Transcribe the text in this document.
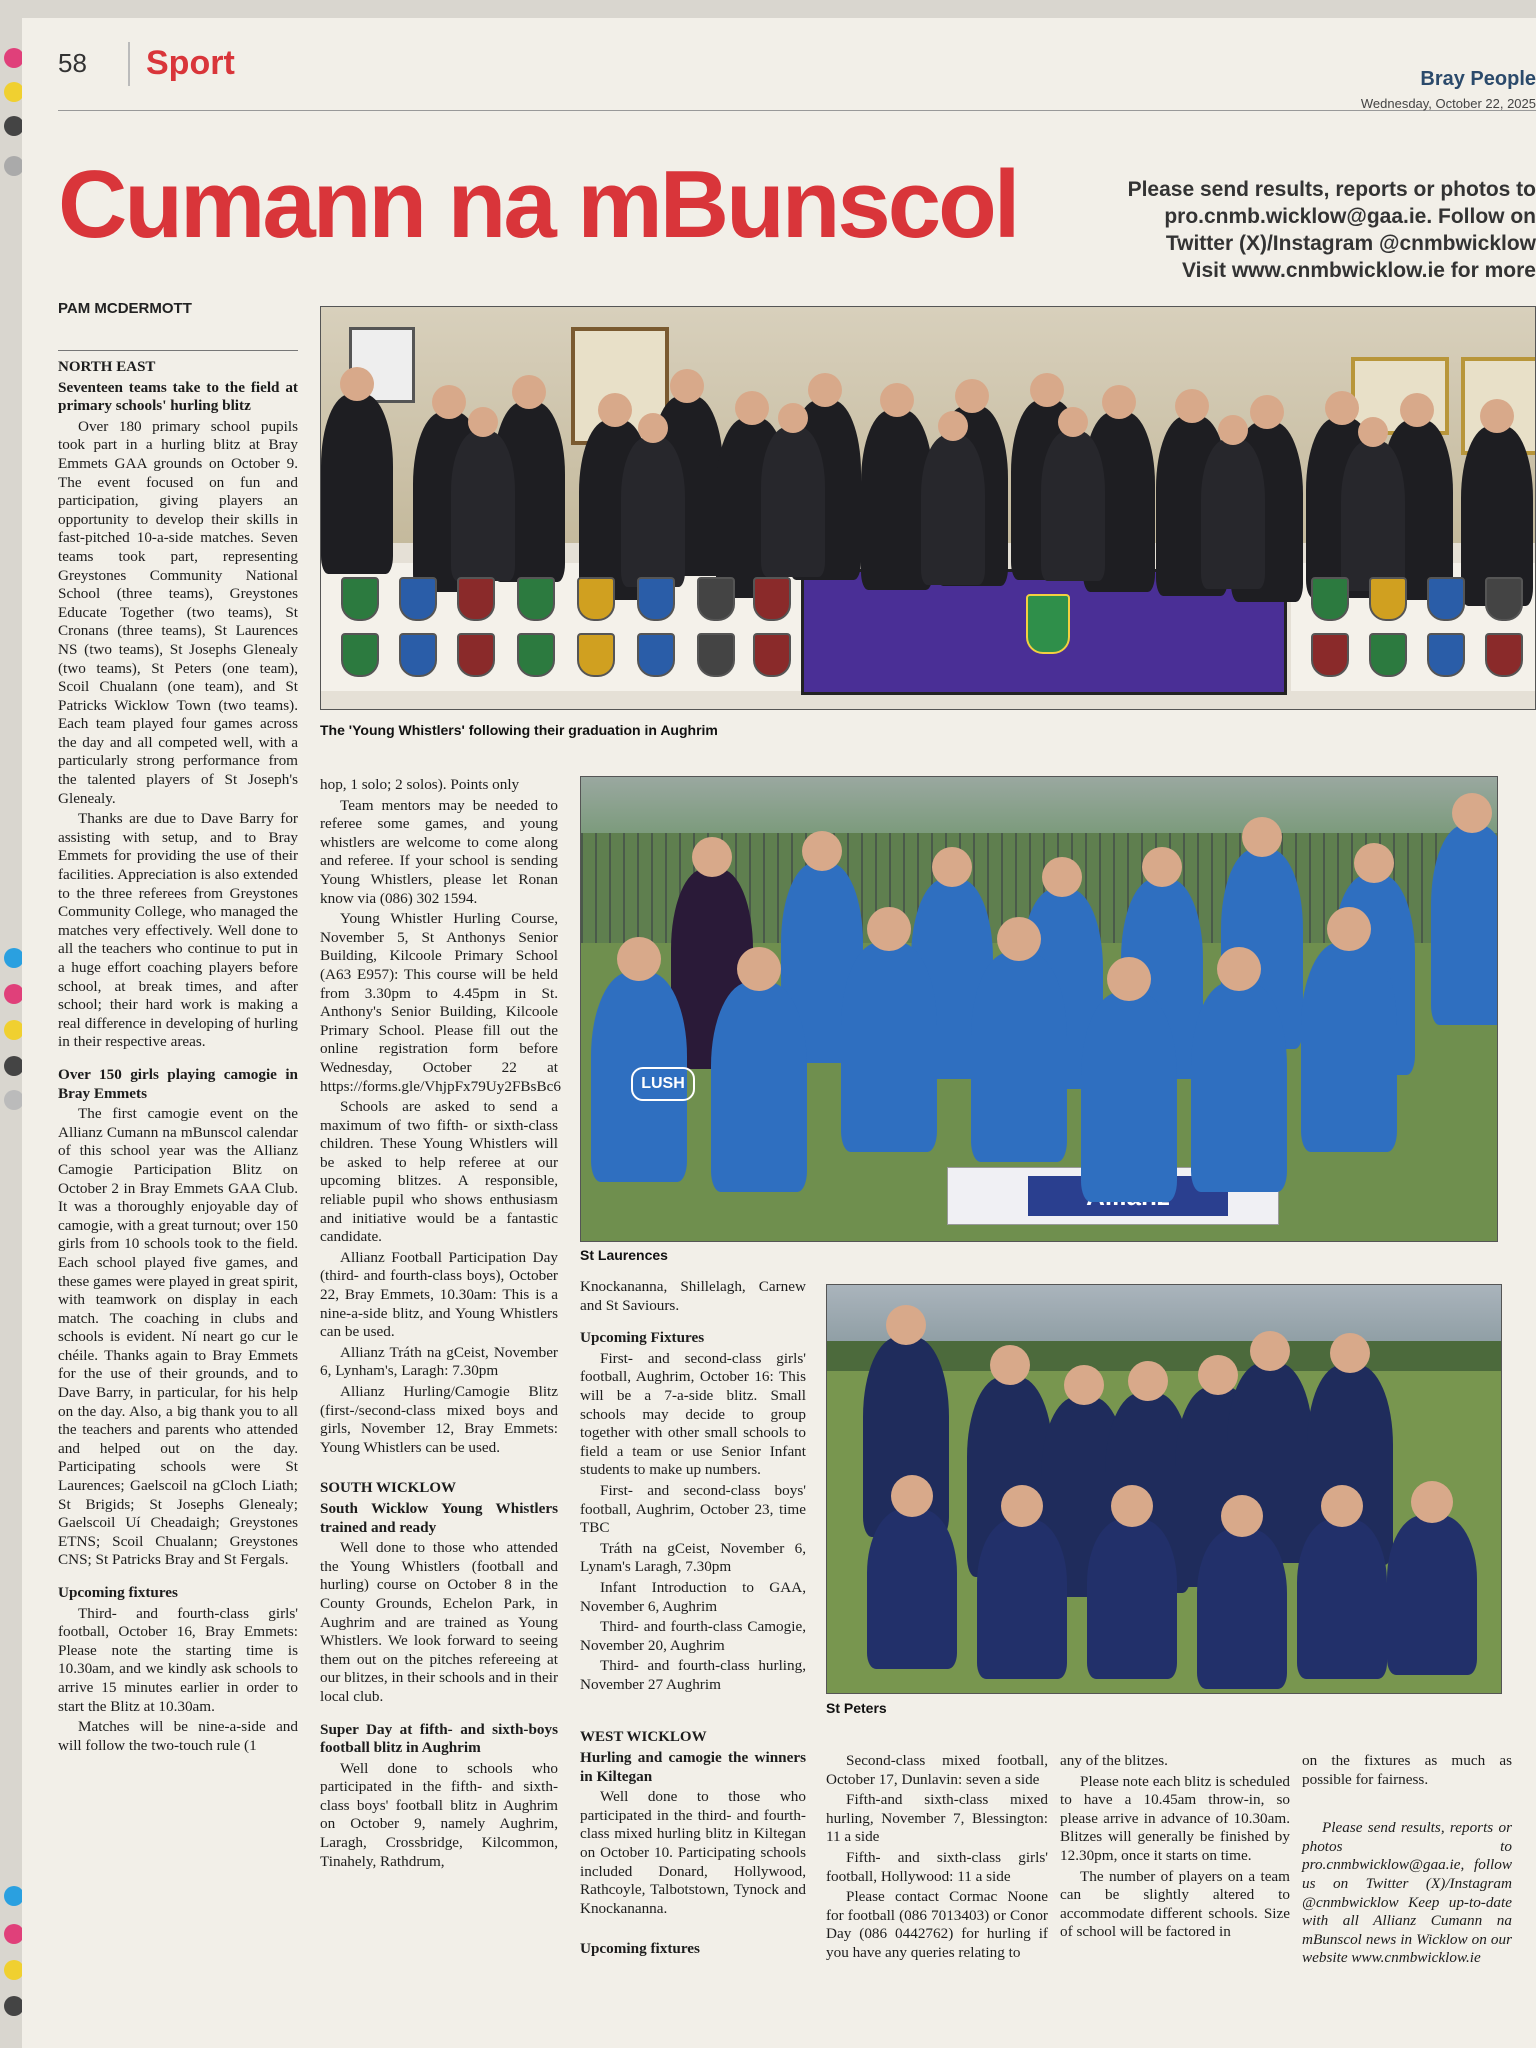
58 Sport	Bray People
Wednesday, October 22, 2025
Cumann na mBunscol	Please send results, reports or photos to
pro.cnmb.wicklow@gaa.ie. Follow on
Twitter (X)/Instagram @cnmbwicklow
Visit www.cnmbwicklow.ie for more
PAM MCDERMOTT

NORTH EAST

Seventeen teams take to the field at primary schools' hurling blitz

Over 180 primary school pupils took part in a hurling blitz at Bray Emmets GAA grounds on October 9. The event focused on fun and participation, giving players an opportunity to develop their skills in fast-pitched 10-a-side matches. Seven teams took part, representing Greystones Community National School (three teams), Greystones Educate Together (two teams), St Cronans (three teams), St Laurences NS (two teams), St Josephs Glenealy (two teams), St Peters (one team), Scoil Chualann (one team), and St Patricks Wicklow Town (two teams). Each team played four games across the day and all competed well, with a particularly strong performance from the talented players of St Joseph's Glenealy.

Thanks are due to Dave Barry for assisting with setup, and to Bray Emmets for providing the use of their facilities. Appreciation is also extended to the three referees from Greystones Community College, who managed the matches very effectively. Well done to all the teachers who continue to put in a huge effort coaching players before school, at break times, and after school; their hard work is making a real difference in developing of hurling in their respective areas.

Over 150 girls playing camogie in Bray Emmets

The first camogie event on the Allianz Cumann na mBunscol calendar of this school year was the Allianz Camogie Participation Blitz on October 2 in Bray Emmets GAA Club. It was a thoroughly enjoyable day of camogie, with a great turnout; over 150 girls from 10 schools took to the field. Each school played five games, and these games were played in great spirit, with teamwork on display in each match. The coaching in clubs and schools is evident. Ní neart go cur le chéile. Thanks again to Bray Emmets for the use of their grounds, and to Dave Barry, in particular, for his help on the day. Also, a big thank you to all the teachers and parents who attended and helped out on the day. Participating schools were St Laurences; Gaelscoil na gCloch Liath; St Brigids; St Josephs Glenealy; Gaelscoil Uí Cheadaigh; Greystones ETNS; Scoil Chualann; Greystones CNS; St Patricks Bray and St Fergals.

Upcoming fixtures

Third- and fourth-class girls' football, October 16, Bray Emmets: Please note the starting time is 10.30am, and we kindly ask schools to arrive 15 minutes earlier in order to start the Blitz at 10.30am.

Matches will be nine-a-side and will follow the two-touch rule (1

The 'Young Whistlers' following their graduation in Aughrim

hop, 1 solo; 2 solos). Points only

Team mentors may be needed to referee some games, and young whistlers are welcome to come along and referee. If your school is sending Young Whistlers, please let Ronan know via (086) 302 1594.

Young Whistler Hurling Course, November 5, St Anthonys Senior Building, Kilcoole Primary School (A63 E957): This course will be held from 3.30pm to 4.45pm in St. Anthony's Senior Building, Kilcoole Primary School. Please fill out the online registration form before Wednesday, October 22 at https://forms.gle/VhjpFx79Uy2FBsBc6

Schools are asked to send a maximum of two fifth- or sixth-class children. These Young Whistlers will be asked to help referee at our upcoming blitzes. A responsible, reliable pupil who shows enthusiasm and initiative would be a fantastic candidate.

Allianz Football Participation Day (third- and fourth-class boys), October 22, Bray Emmets, 10.30am: This is a nine-a-side blitz, and Young Whistlers can be used.

Allianz Tráth na gCeist, November 6, Lynham's, Laragh: 7.30pm

Allianz Hurling/Camogie Blitz (first-/second-class mixed boys and girls, November 12, Bray Emmets: Young Whistlers can be used.

SOUTH WICKLOW

South Wicklow Young Whistlers trained and ready

Well done to those who attended the Young Whistlers (football and hurling) course on October 8 in the County Grounds, Echelon Park, in Aughrim and are trained as Young Whistlers. We look forward to seeing them out on the pitches refereeing at our blitzes, in their schools and in their local club.

Super Day at fifth- and sixth-boys football blitz in Aughrim

Well done to schools who participated in the fifth- and sixth-class boys' football blitz in Aughrim on October 9, namely Aughrim, Laragh, Crossbridge, Kilcommon, Tinahely, Rathdrum,

LUSH
St Laurences

Knockananna, Shillelagh, Carnew and St Saviours.

Upcoming Fixtures

First- and second-class girls' football, Aughrim, October 16: This will be a 7-a-side blitz. Small schools may decide to group together with other small schools to field a team or use Senior Infant students to make up numbers.

First- and second-class boys' football, Aughrim, October 23, time TBC

Tráth na gCeist, November 6, Lynam's Laragh, 7.30pm

Infant Introduction to GAA, November 6, Aughrim

Third- and fourth-class Camogie, November 20, Aughrim

Third- and fourth-class hurling, November 27 Aughrim

WEST WICKLOW

Hurling and camogie the winners in Kiltegan

Well done to those who participated in the third- and fourth-class mixed hurling blitz in Kiltegan on October 10. Participating schools included Donard, Hollywood, Rathcoyle, Talbotstown, Tynock and Knockananna.

Upcoming fixtures

St Peters

Second-class mixed football, October 17, Dunlavin: seven a side

Fifth-and sixth-class mixed hurling, November 7, Blessington: 11 a side

Fifth- and sixth-class girls' football, Hollywood: 11 a side

Please contact Cormac Noone for football (086 7013403) or Conor Day (086 0442762) for hurling if you have any queries relating to

any of the blitzes.

Please note each blitz is scheduled to have a 10.45am throw-in, so please arrive in advance of 10.30am. Blitzes will generally be finished by 12.30pm, once it starts on time.

The number of players on a team can be slightly altered to accommodate different schools. Size of school will be factored in

on the fixtures as much as possible for fairness.

Please send results, reports or photos to pro.cnmbwicklow@gaa.ie, follow us on Twitter (X)/Instagram @cnmbwicklow Keep up-to-date with all Allianz Cumann na mBunscol news in Wicklow on our website www.cnmbwicklow.ie
